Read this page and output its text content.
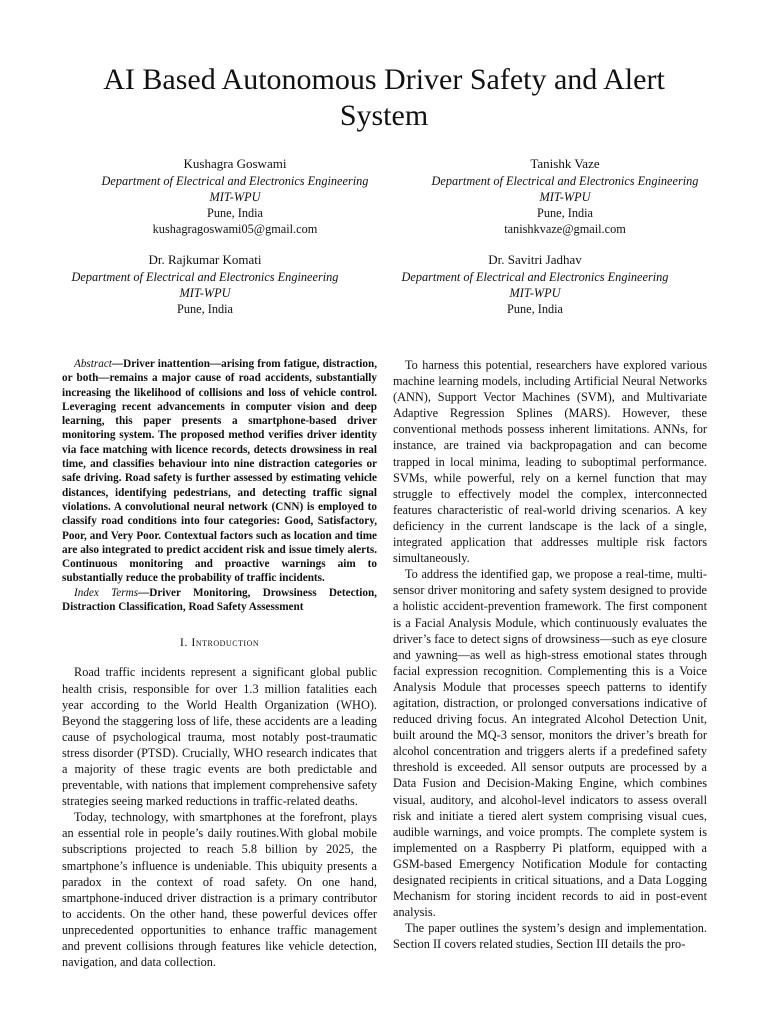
AI Based Autonomous Driver Safety and Alert System
Kushagra Goswami
Department of Electrical and Electronics Engineering
MIT-WPU
Pune, India
kushagragoswami05@gmail.com
Tanishk Vaze
Department of Electrical and Electronics Engineering
MIT-WPU
Pune, India
tanishkvaze@gmail.com
Dr. Rajkumar Komati
Department of Electrical and Electronics Engineering
MIT-WPU
Pune, India
Dr. Savitri Jadhav
Department of Electrical and Electronics Engineering
MIT-WPU
Pune, India

Abstract—Driver inattention—arising from fatigue, distraction, or both—remains a major cause of road accidents, substantially increasing the likelihood of collisions and loss of vehicle control. Leveraging recent advancements in computer vision and deep learning, this paper presents a smartphone-based driver monitoring system. The proposed method verifies driver identity via face matching with licence records, detects drowsiness in real time, and classifies behaviour into nine distraction categories or safe driving. Road safety is further assessed by estimating vehicle distances, identifying pedestrians, and detecting traffic signal violations. A convolutional neural network (CNN) is employed to classify road conditions into four categories: Good, Satisfactory, Poor, and Very Poor. Contextual factors such as location and time are also integrated to predict accident risk and issue timely alerts. Continuous monitoring and proactive warnings aim to substantially reduce the probability of traffic incidents.

Index Terms—Driver Monitoring, Drowsiness Detection, Distraction Classification, Road Safety Assessment

I. Introduction

Road traffic incidents represent a significant global public health crisis, responsible for over 1.3 million fatalities each year according to the World Health Organization (WHO). Beyond the staggering loss of life, these accidents are a leading cause of psychological trauma, most notably post-traumatic stress disorder (PTSD). Crucially, WHO research indicates that a majority of these tragic events are both predictable and preventable, with nations that implement comprehensive safety strategies seeing marked reductions in traffic-related deaths.

Today, technology, with smartphones at the forefront, plays an essential role in people’s daily routines.With global mobile subscriptions projected to reach 5.8 billion by 2025, the smartphone’s influence is undeniable. This ubiquity presents a paradox in the context of road safety. On one hand, smartphone-induced driver distraction is a primary contributor to accidents. On the other hand, these powerful devices offer unprecedented opportunities to enhance traffic management and prevent collisions through features like vehicle detection, navigation, and data collection.

To harness this potential, researchers have explored various machine learning models, including Artificial Neural Networks (ANN), Support Vector Machines (SVM), and Multivariate Adaptive Regression Splines (MARS). However, these conventional methods possess inherent limitations. ANNs, for instance, are trained via backpropagation and can become trapped in local minima, leading to suboptimal performance. SVMs, while powerful, rely on a kernel function that may struggle to effectively model the complex, interconnected features characteristic of real-world driving scenarios. A key deficiency in the current landscape is the lack of a single, integrated application that addresses multiple risk factors simultaneously.

To address the identified gap, we propose a real-time, multi-sensor driver monitoring and safety system designed to provide a holistic accident-prevention framework. The first component is a Facial Analysis Module, which continuously evaluates the driver’s face to detect signs of drowsiness—such as eye closure and yawning—as well as high-stress emotional states through facial expression recognition. Complementing this is a Voice Analysis Module that processes speech patterns to identify agitation, distraction, or prolonged conversations indicative of reduced driving focus. An integrated Alcohol Detection Unit, built around the MQ-3 sensor, monitors the driver’s breath for alcohol concentration and triggers alerts if a predefined safety threshold is exceeded. All sensor outputs are processed by a Data Fusion and Decision-Making Engine, which combines visual, auditory, and alcohol-level indicators to assess overall risk and initiate a tiered alert system comprising visual cues, audible warnings, and voice prompts. The complete system is implemented on a Raspberry Pi platform, equipped with a GSM-based Emergency Notification Module for contacting designated recipients in critical situations, and a Data Logging Mechanism for storing incident records to aid in post-event analysis.

The paper outlines the system’s design and implementation. Section II covers related studies, Section III details the pro-
